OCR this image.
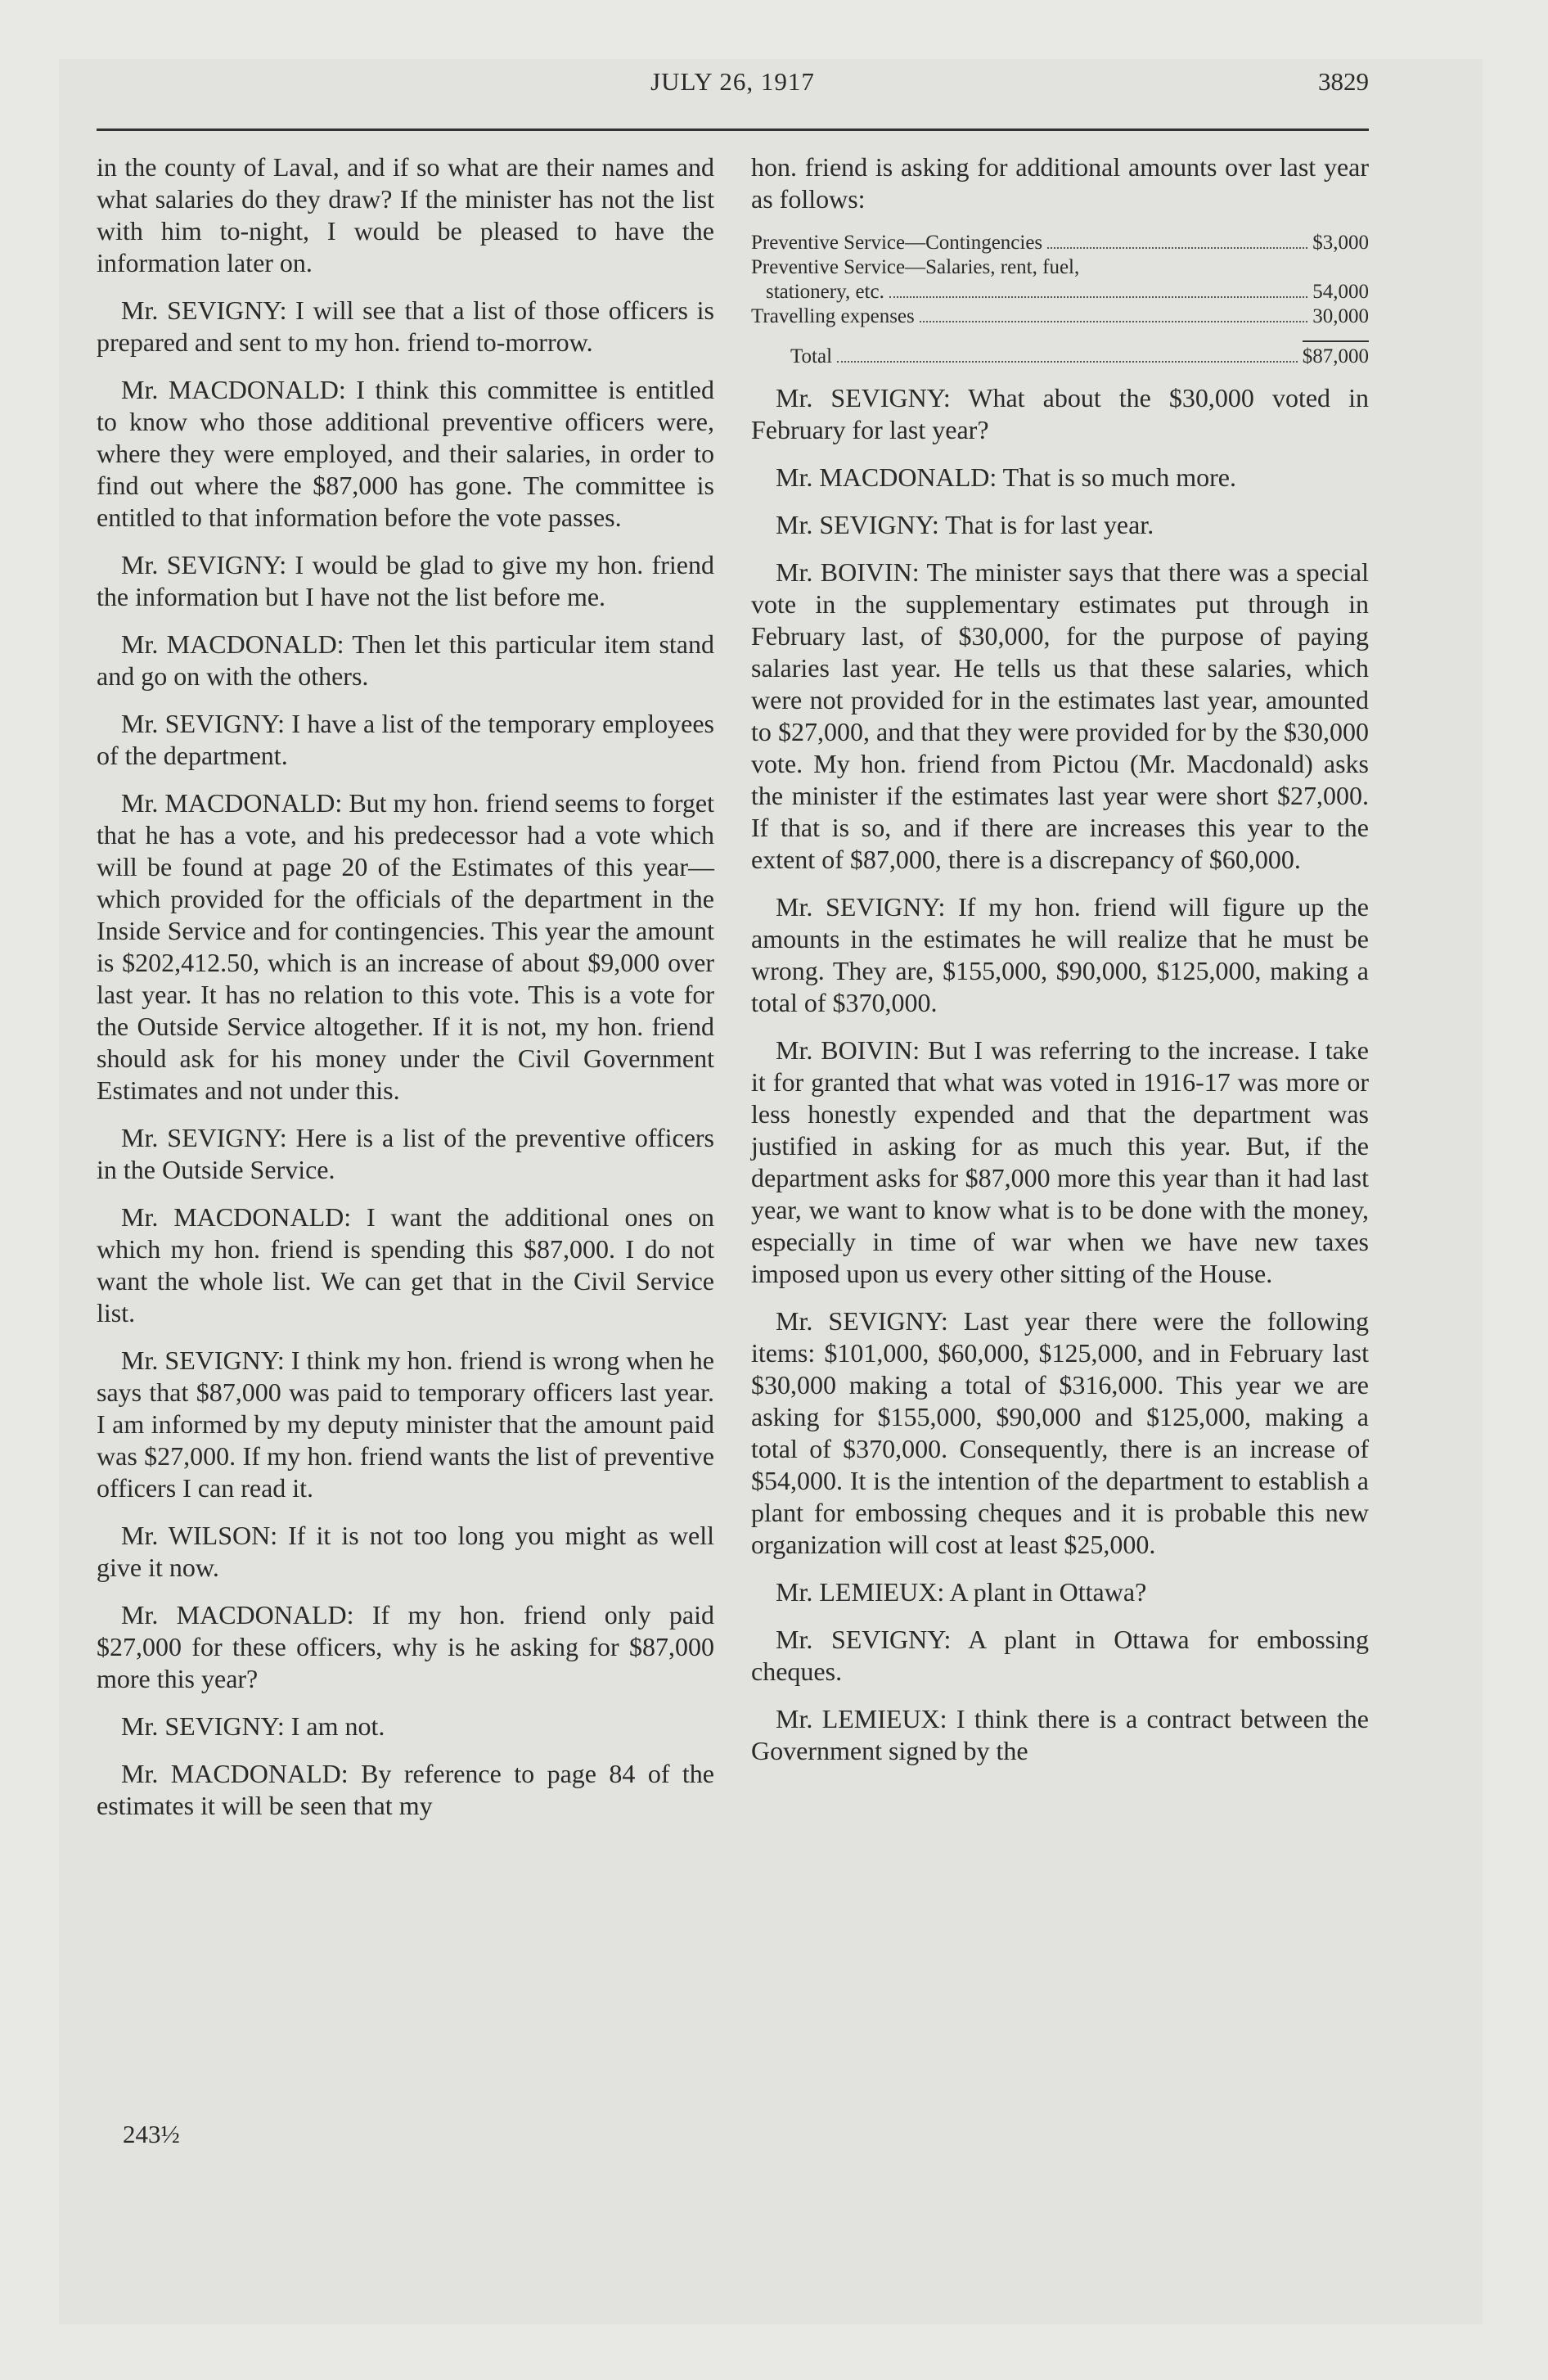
JULY 26, 1917	3829

in the county of Laval, and if so what are their names and what salaries do they draw? If the minister has not the list with him to-night, I would be pleased to have the information later on.

Mr. SEVIGNY: I will see that a list of those officers is prepared and sent to my hon. friend to-morrow.

Mr. MACDONALD: I think this committee is entitled to know who those additional preventive officers were, where they were employed, and their salaries, in order to find out where the $87,000 has gone. The committee is entitled to that information before the vote passes.

Mr. SEVIGNY: I would be glad to give my hon. friend the information but I have not the list before me.

Mr. MACDONALD: Then let this particular item stand and go on with the others.

Mr. SEVIGNY: I have a list of the temporary employees of the department.

Mr. MACDONALD: But my hon. friend seems to forget that he has a vote, and his predecessor had a vote which will be found at page 20 of the Estimates of this year—which provided for the officials of the department in the Inside Service and for contingencies. This year the amount is $202,412.50, which is an increase of about $9,000 over last year. It has no relation to this vote. This is a vote for the Outside Service altogether. If it is not, my hon. friend should ask for his money under the Civil Government Estimates and not under this.

Mr. SEVIGNY: Here is a list of the preventive officers in the Outside Service.

Mr. MACDONALD: I want the additional ones on which my hon. friend is spending this $87,000. I do not want the whole list. We can get that in the Civil Service list.

Mr. SEVIGNY: I think my hon. friend is wrong when he says that $87,000 was paid to temporary officers last year. I am informed by my deputy minister that the amount paid was $27,000. If my hon. friend wants the list of preventive officers I can read it.

Mr. WILSON: If it is not too long you might as well give it now.

Mr. MACDONALD: If my hon. friend only paid $27,000 for these officers, why is he asking for $87,000 more this year?

Mr. SEVIGNY: I am not.

Mr. MACDONALD: By reference to page 84 of the estimates it will be seen that my

hon. friend is asking for additional amounts over last year as follows:

Preventive Service—Contingencies	$3,000
Preventive Service—Salaries, rent, fuel,
stationery, etc.	54,000
Travelling expenses	30,000
Total	$87,000

Mr. SEVIGNY: What about the $30,000 voted in February for last year?

Mr. MACDONALD: That is so much more.

Mr. SEVIGNY: That is for last year.

Mr. BOIVIN: The minister says that there was a special vote in the supplementary estimates put through in February last, of $30,000, for the purpose of paying salaries last year. He tells us that these salaries, which were not provided for in the estimates last year, amounted to $27,000, and that they were provided for by the $30,000 vote. My hon. friend from Pictou (Mr. Macdonald) asks the minister if the estimates last year were short $27,000. If that is so, and if there are increases this year to the extent of $87,000, there is a discrepancy of $60,000.

Mr. SEVIGNY: If my hon. friend will figure up the amounts in the estimates he will realize that he must be wrong. They are, $155,000, $90,000, $125,000, making a total of $370,000.

Mr. BOIVIN: But I was referring to the increase. I take it for granted that what was voted in 1916-17 was more or less honestly expended and that the department was justified in asking for as much this year. But, if the department asks for $87,000 more this year than it had last year, we want to know what is to be done with the money, especially in time of war when we have new taxes imposed upon us every other sitting of the House.

Mr. SEVIGNY: Last year there were the following items: $101,000, $60,000, $125,000, and in February last $30,000 making a total of $316,000. This year we are asking for $155,000, $90,000 and $125,000, making a total of $370,000. Consequently, there is an increase of $54,000. It is the intention of the department to establish a plant for embossing cheques and it is probable this new organization will cost at least $25,000.

Mr. LEMIEUX: A plant in Ottawa?

Mr. SEVIGNY: A plant in Ottawa for embossing cheques.

Mr. LEMIEUX: I think there is a contract between the Government signed by the

243½
